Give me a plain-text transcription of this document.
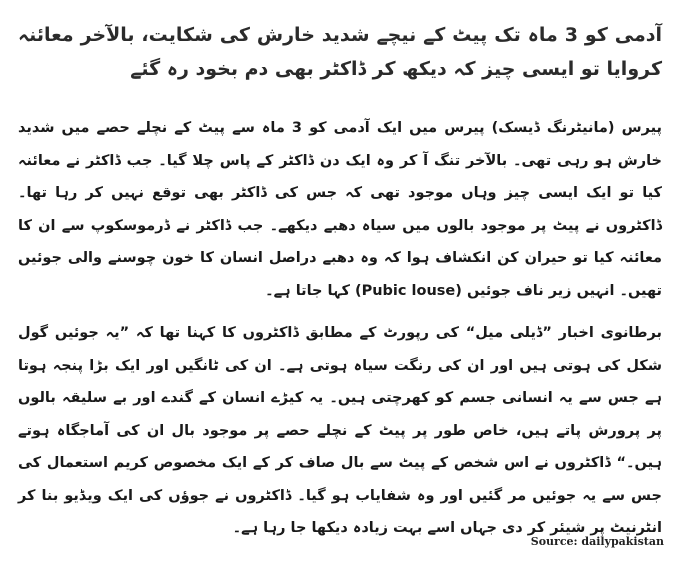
آدمی کو 3 ماہ تک پیٹ کے نیچے شدید خارش کی شکایت، بالآخر معائنہ کروایا تو ایسی چیز کہ دیکھ کر ڈاکٹر بھی دم بخود رہ گئے

پیرس (مانیٹرنگ ڈیسک) پیرس میں ایک آدمی کو 3 ماہ سے پیٹ کے نچلے حصے میں شدید خارش ہو رہی تھی۔ بالآخر تنگ آ کر وہ ایک دن ڈاکٹر کے پاس چلا گیا۔ جب ڈاکٹر نے معائنہ کیا تو ایک ایسی چیز وہاں موجود تھی کہ جس کی ڈاکٹر بھی توقع نہیں کر رہا تھا۔ ڈاکٹروں نے پیٹ پر موجود بالوں میں سیاہ دھبے دیکھے۔ جب ڈاکٹر نے ڈرموسکوپ سے ان کا معائنہ کیا تو حیران کن انکشاف ہوا کہ وہ دھبے دراصل انسان کا خون چوسنے والی جوئیں تھیں۔ انہیں زیر ناف جوئیں (Pubic louse) کہا جاتا ہے۔

برطانوی اخبار ”ڈیلی میل“ کی رپورٹ کے مطابق ڈاکٹروں کا کہنا تھا کہ ”یہ جوئیں گول شکل کی ہوتی ہیں اور ان کی رنگت سیاہ ہوتی ہے۔ ان کی ٹانگیں اور ایک بڑا پنجہ ہوتا ہے جس سے یہ انسانی جسم کو کھرچتی ہیں۔ یہ کیڑے انسان کے گندے اور بے سلیقہ بالوں پر پرورش پاتے ہیں، خاص طور پر پیٹ کے نچلے حصے پر موجود بال ان کی آماجگاہ ہوتے ہیں۔“ ڈاکٹروں نے اس شخص کے پیٹ سے بال صاف کر کے ایک مخصوص کریم استعمال کی جس سے یہ جوئیں مر گئیں اور وہ شفایاب ہو گیا۔ ڈاکٹروں نے جوؤں کی ایک ویڈیو بنا کر انٹرنیٹ پر شیئر کر دی جہاں اسے بہت زیادہ دیکھا جا رہا ہے۔

Source: dailypakistan
